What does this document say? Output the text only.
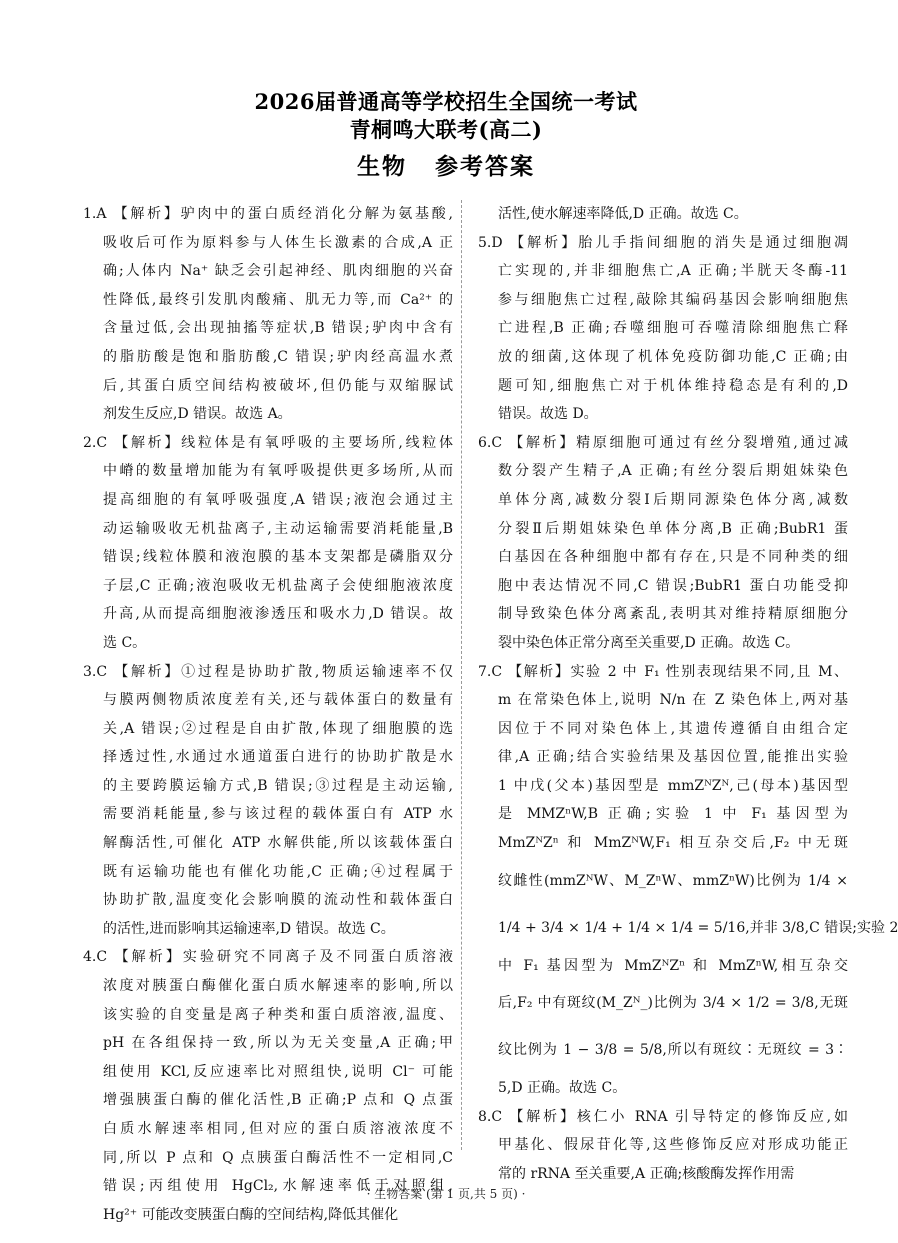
2026届普通高等学校招生全国统一考试
青桐鸣大联考(高二)
生物 参考答案
1.A 【解析】驴肉中的蛋白质经消化分解为氨基酸,
吸收后可作为原料参与人体生长激素的合成,A 正
确;人体内 Na⁺ 缺乏会引起神经、肌肉细胞的兴奋
性降低,最终引发肌肉酸痛、肌无力等,而 Ca²⁺ 的
含量过低,会出现抽搐等症状,B 错误;驴肉中含有
的脂肪酸是饱和脂肪酸,C 错误;驴肉经高温水煮
后,其蛋白质空间结构被破坏,但仍能与双缩脲试
剂发生反应,D 错误。故选 A。
2.C 【解析】线粒体是有氧呼吸的主要场所,线粒体
中嵴的数量增加能为有氧呼吸提供更多场所,从而
提高细胞的有氧呼吸强度,A 错误;液泡会通过主
动运输吸收无机盐离子,主动运输需要消耗能量,B
错误;线粒体膜和液泡膜的基本支架都是磷脂双分
子层,C 正确;液泡吸收无机盐离子会使细胞液浓度
升高,从而提高细胞液渗透压和吸水力,D 错误。故
选 C。
3.C 【解析】①过程是协助扩散,物质运输速率不仅
与膜两侧物质浓度差有关,还与载体蛋白的数量有
关,A 错误;②过程是自由扩散,体现了细胞膜的选
择透过性,水通过水通道蛋白进行的协助扩散是水
的主要跨膜运输方式,B 错误;③过程是主动运输,
需要消耗能量,参与该过程的载体蛋白有 ATP 水
解酶活性,可催化 ATP 水解供能,所以该载体蛋白
既有运输功能也有催化功能,C 正确;④过程属于
协助扩散,温度变化会影响膜的流动性和载体蛋白
的活性,进而影响其运输速率,D 错误。故选 C。
4.C 【解析】实验研究不同离子及不同蛋白质溶液
浓度对胰蛋白酶催化蛋白质水解速率的影响,所以
该实验的自变量是离子种类和蛋白质溶液,温度、
pH 在各组保持一致,所以为无关变量,A 正确;甲
组使用 KCl,反应速率比对照组快,说明 Cl⁻ 可能
增强胰蛋白酶的催化活性,B 正确;P 点和 Q 点蛋
白质水解速率相同,但对应的蛋白质溶液浓度不
同,所以 P 点和 Q 点胰蛋白酶活性不一定相同,C
错误;丙组使用 HgCl₂,水解速率低于对照组,
Hg²⁺ 可能改变胰蛋白酶的空间结构,降低其催化
活性,使水解速率降低,D 正确。故选 C。
5.D 【解析】胎儿手指间细胞的消失是通过细胞凋
亡实现的,并非细胞焦亡,A 正确;半胱天冬酶-11
参与细胞焦亡过程,敲除其编码基因会影响细胞焦
亡进程,B 正确;吞噬细胞可吞噬清除细胞焦亡释
放的细菌,这体现了机体免疫防御功能,C 正确;由
题可知,细胞焦亡对于机体维持稳态是有利的,D
错误。故选 D。
6.C 【解析】精原细胞可通过有丝分裂增殖,通过减
数分裂产生精子,A 正确;有丝分裂后期姐妹染色
单体分离,减数分裂Ⅰ后期同源染色体分离,减数
分裂Ⅱ后期姐妹染色单体分离,B 正确;BubR1 蛋
白基因在各种细胞中都有存在,只是不同种类的细
胞中表达情况不同,C 错误;BubR1 蛋白功能受抑
制导致染色体分离紊乱,表明其对维持精原细胞分
裂中染色体正常分离至关重要,D 正确。故选 C。
7.C 【解析】实验 2 中 F₁ 性别表现结果不同,且 M、
m 在常染色体上,说明 N/n 在 Z 染色体上,两对基
因位于不同对染色体上,其遗传遵循自由组合定
律,A 正确;结合实验结果及基因位置,能推出实验
1 中戊(父本)基因型是 mmZᴺZᴺ,己(母本)基因型
是 MMZⁿW,B 正确;实验 1 中 F₁ 基因型为
MmZᴺZⁿ 和 MmZᴺW,F₁ 相互杂交后,F₂ 中无斑
纹雌性(mmZᴺW、M_ZⁿW、mmZⁿW)比例为 1/4 ×
1/4 + 3/4 × 1/4 + 1/4 × 1/4 = 5/16,并非 3/8,C 错误;实验 2
中 F₁ 基因型为 MmZᴺZⁿ 和 MmZⁿW,相互杂交
后,F₂ 中有斑纹(M_Zᴺ_)比例为 3/4 × 1/2 = 3/8,无斑
纹比例为 1 − 3/8 = 5/8,所以有斑纹∶无斑纹 = 3∶
5,D 正确。故选 C。
8.C 【解析】核仁小 RNA 引导特定的修饰反应,如
甲基化、假尿苷化等,这些修饰反应对形成功能正
常的 rRNA 至关重要,A 正确;核酸酶发挥作用需
· 生物答案 (第 1 页,共 5 页) ·
